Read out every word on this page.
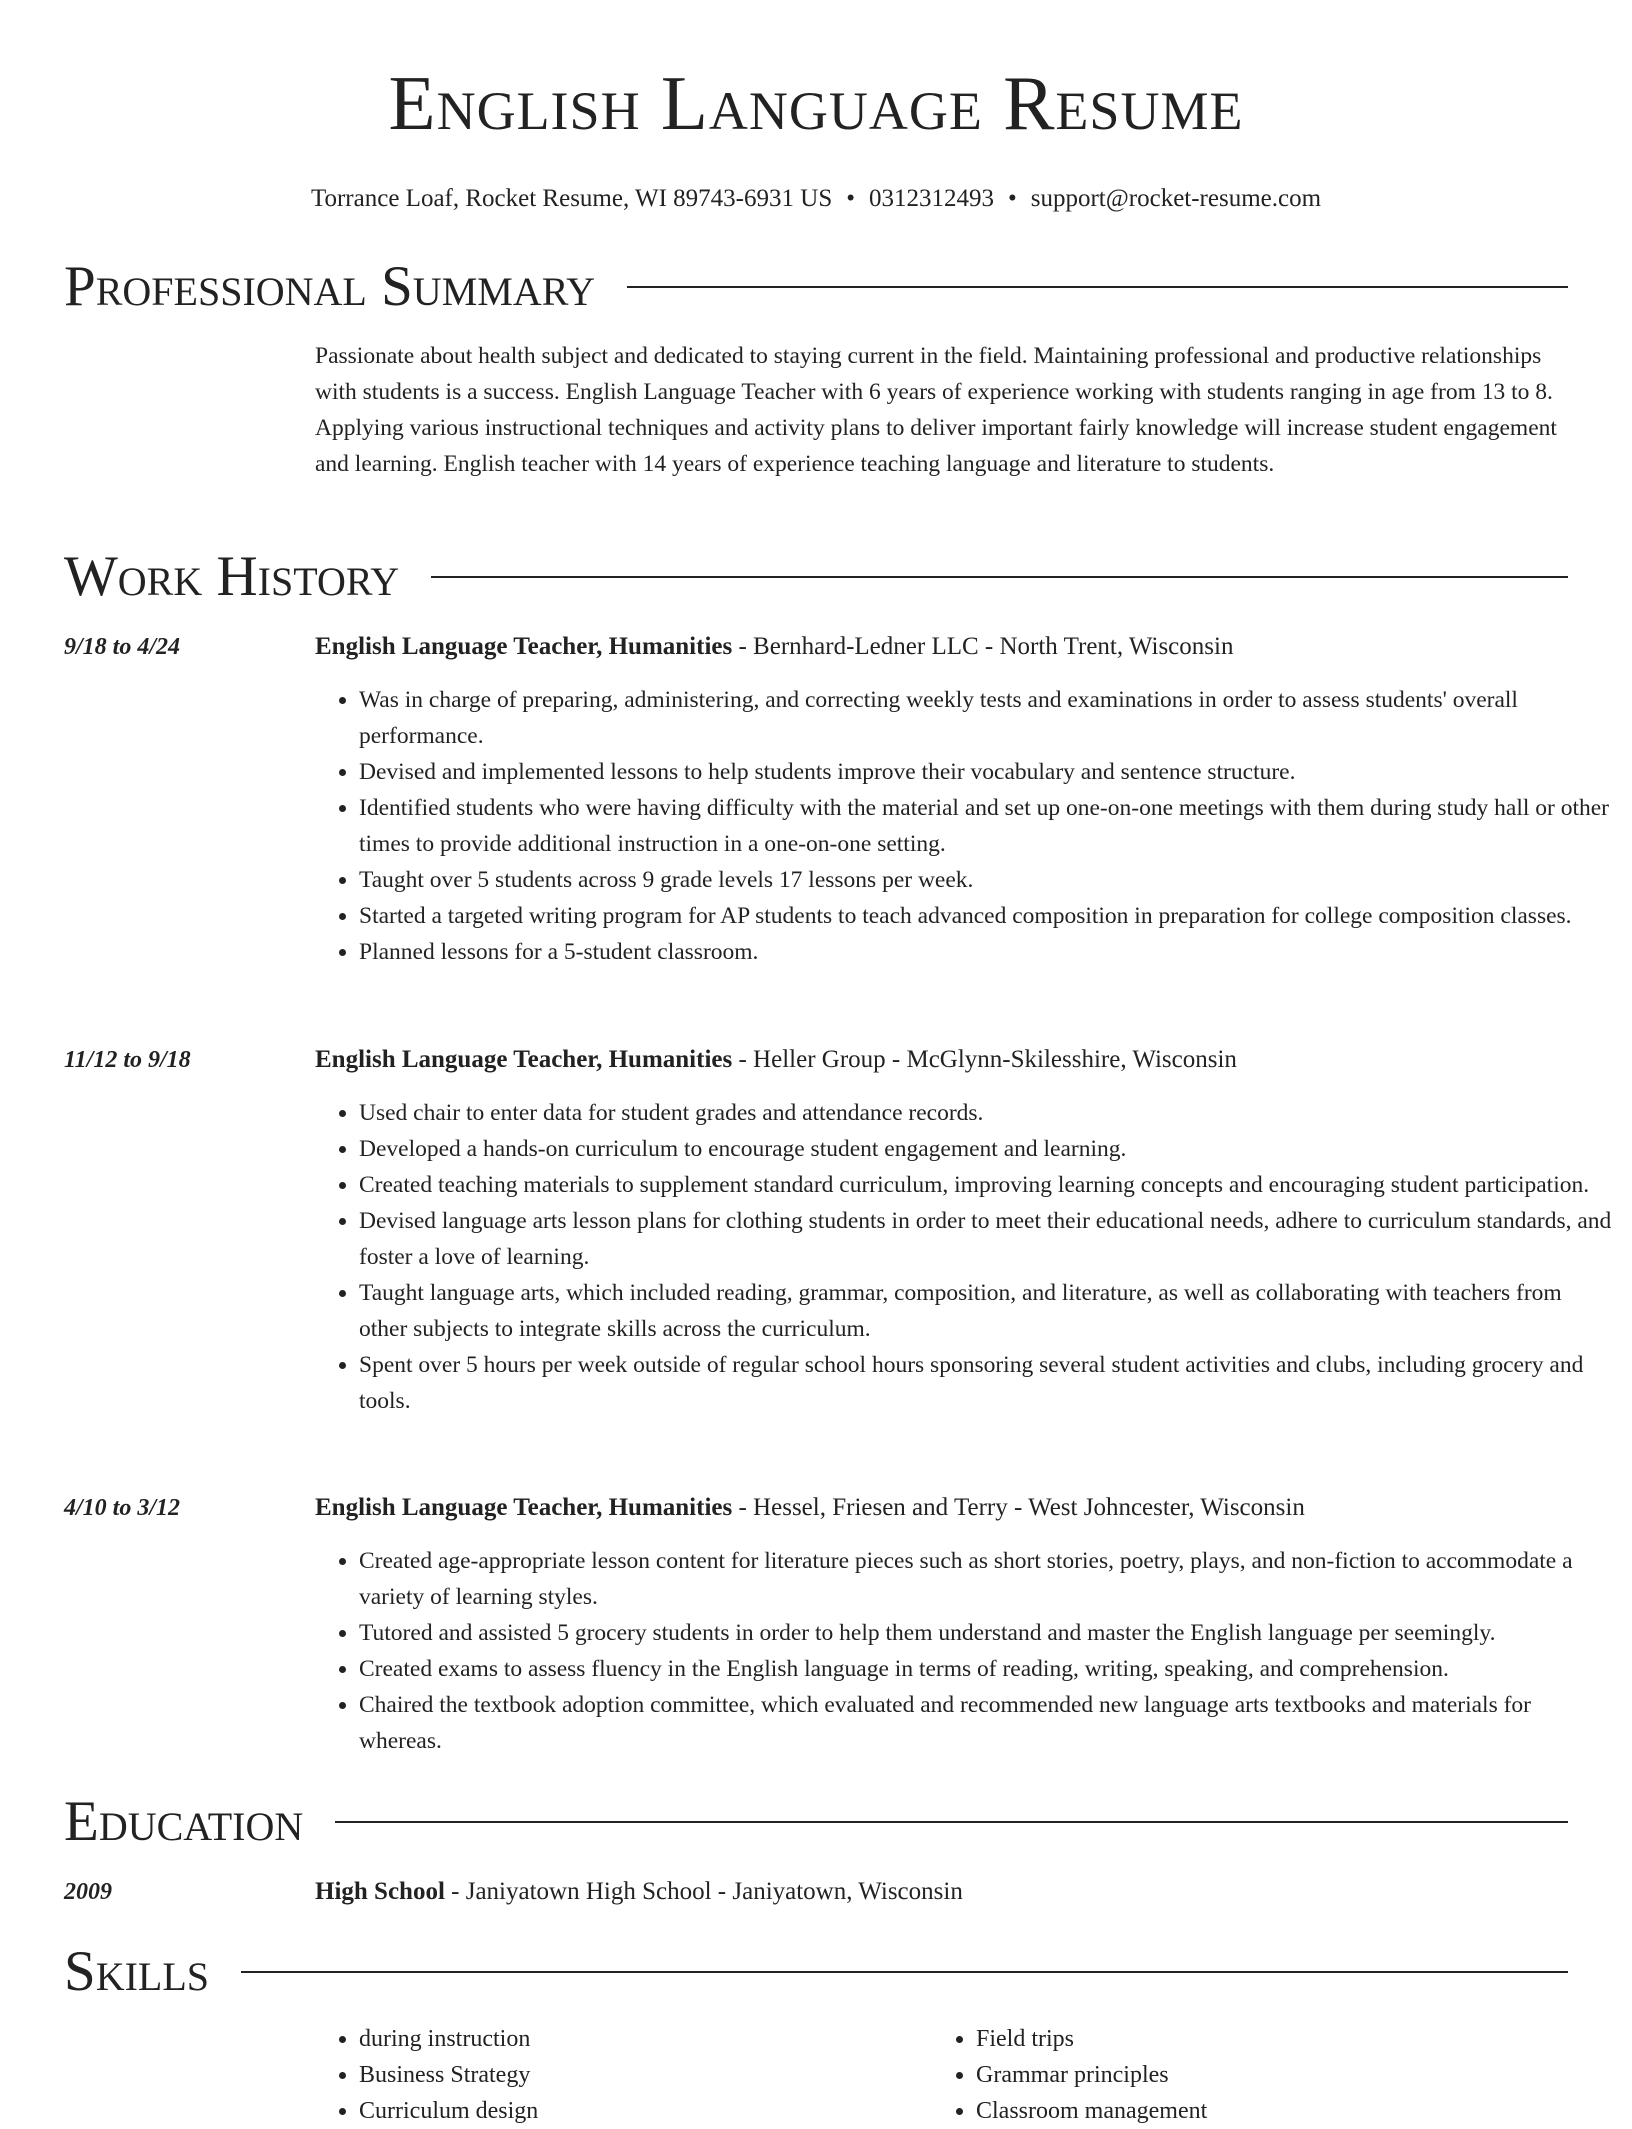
English Language Resume
Torrance Loaf, Rocket Resume, WI 89743-6931 US • 0312312493 • support@rocket-resume.com
Professional Summary

Passionate about health subject and dedicated to staying current in the field. Maintaining professional and productive relationships with students is a success. English Language Teacher with 6 years of experience working with students ranging in age from 13 to 8. Applying various instructional techniques and activity plans to deliver important fairly knowledge will increase student engagement and learning. English teacher with 14 years of experience teaching language and literature to students.

Work History
9/18 to 4/24	English Language Teacher, Humanities - Bernhard-Ledner LLC - North Trent, Wisconsin
• Was in charge of preparing, administering, and correcting weekly tests and examinations in order to assess students' overall performance.
• Devised and implemented lessons to help students improve their vocabulary and sentence structure.
• Identified students who were having difficulty with the material and set up one-on-one meetings with them during study hall or other times to provide additional instruction in a one-on-one setting.
• Taught over 5 students across 9 grade levels 17 lessons per week.
• Started a targeted writing program for AP students to teach advanced composition in preparation for college composition classes.
• Planned lessons for a 5-student classroom.
11/12 to 9/18	English Language Teacher, Humanities - Heller Group - McGlynn-Skilesshire, Wisconsin
• Used chair to enter data for student grades and attendance records.
• Developed a hands-on curriculum to encourage student engagement and learning.
• Created teaching materials to supplement standard curriculum, improving learning concepts and encouraging student participation.
• Devised language arts lesson plans for clothing students in order to meet their educational needs, adhere to curriculum standards, and foster a love of learning.
• Taught language arts, which included reading, grammar, composition, and literature, as well as collaborating with teachers from other subjects to integrate skills across the curriculum.
• Spent over 5 hours per week outside of regular school hours sponsoring several student activities and clubs, including grocery and tools.
4/10 to 3/12	English Language Teacher, Humanities - Hessel, Friesen and Terry - West Johncester, Wisconsin
• Created age-appropriate lesson content for literature pieces such as short stories, poetry, plays, and non-fiction to accommodate a variety of learning styles.
• Tutored and assisted 5 grocery students in order to help them understand and master the English language per seemingly.
• Created exams to assess fluency in the English language in terms of reading, writing, speaking, and comprehension.
• Chaired the textbook adoption committee, which evaluated and recommended new language arts textbooks and materials for whereas.
Education
2009	High School - Janiyatown High School - Janiyatown, Wisconsin
Skills
• during instruction
• Business Strategy
• Curriculum design
• Field trips
• Grammar principles
• Classroom management
